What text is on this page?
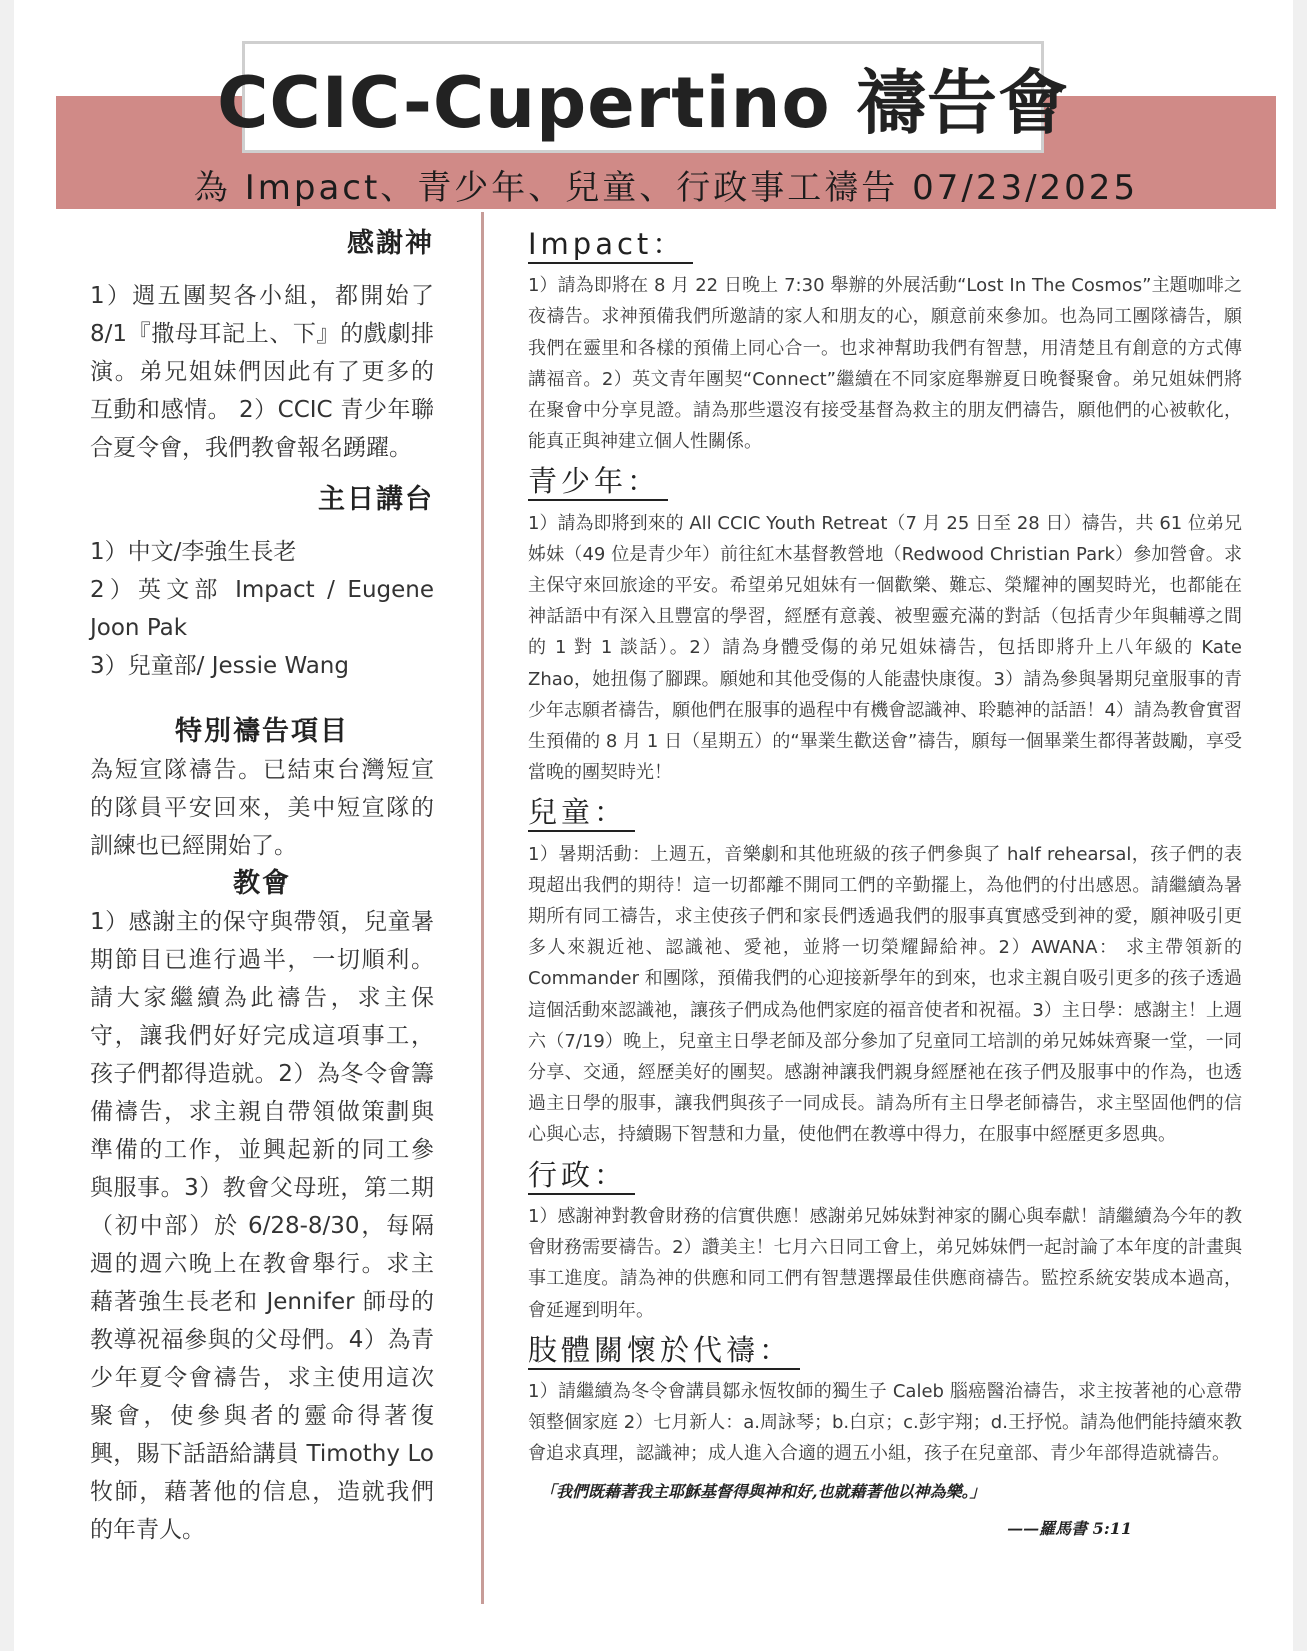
CCIC-Cupertino 禱告會
為 Impact、青少年、兒童、行政事工禱告 07/23/2025
感謝神

1）週五團契各小組，都開始了8/1『撒母耳記上、下』的戲劇排演。弟兄姐妹們因此有了更多的互動和感情。 2）CCIC 青少年聯合夏令會，我們教會報名踴躍。

主日講台

1）中文/李強生長老

2）英文部 Impact / Eugene Joon Pak

3）兒童部/ Jessie Wang

特別禱告項目

為短宣隊禱告。已結束台灣短宣的隊員平安回來，美中短宣隊的訓練也已經開始了。

教會

1）感謝主的保守與帶領，兒童暑期節目已進行過半，一切順利。請大家繼續為此禱告，求主保守，讓我們好好完成這項事工，孩子們都得造就。2）為冬令會籌備禱告，求主親自帶領做策劃與準備的工作，並興起新的同工參與服事。3）教會父母班，第二期（初中部）於 6/28-8/30，每隔週的週六晚上在教會舉行。求主藉著強生長老和 Jennifer 師母的教導祝福參與的父母們。4）為青少年夏令會禱告，求主使用這次聚會，使參與者的靈命得著復興，賜下話語給講員 Timothy Lo 牧師，藉著他的信息，造就我們的年青人。

Impact：

1）請為即將在 8 月 22 日晚上 7:30 舉辦的外展活動“Lost In The Cosmos”主題咖啡之夜禱告。求神預備我們所邀請的家人和朋友的心，願意前來參加。也為同工團隊禱告，願我們在靈里和各樣的預備上同心合一。也求神幫助我們有智慧，用清楚且有創意的方式傳講福音。2）英文青年團契“Connect”繼續在不同家庭舉辦夏日晚餐聚會。弟兄姐妹們將在聚會中分享見證。請為那些還沒有接受基督為救主的朋友們禱告，願他們的心被軟化，能真正與神建立個人性關係。

青少年：

1）請為即將到來的 All CCIC Youth Retreat（7 月 25 日至 28 日）禱告，共 61 位弟兄姊妹（49 位是青少年）前往紅木基督教營地（Redwood Christian Park）參加營會。求主保守來回旅途的平安。希望弟兄姐妹有一個歡樂、難忘、榮耀神的團契時光，也都能在神話語中有深入且豐富的學習，經歷有意義、被聖靈充滿的對話（包括青少年與輔導之間的 1 對 1 談話）。2）請為身體受傷的弟兄姐妹禱告，包括即將升上八年級的 Kate Zhao，她扭傷了腳踝。願她和其他受傷的人能盡快康復。3）請為參與暑期兒童服事的青少年志願者禱告，願他們在服事的過程中有機會認識神、聆聽神的話語！4）請為教會實習生預備的 8 月 1 日（星期五）的“畢業生歡送會”禱告，願每一個畢業生都得著鼓勵，享受當晚的團契時光！

兒童：

1）暑期活動：上週五，音樂劇和其他班級的孩子們參與了 half rehearsal，孩子們的表現超出我們的期待！這一切都離不開同工們的辛勤擺上，為他們的付出感恩。請繼續為暑期所有同工禱告，求主使孩子們和家長們透過我們的服事真實感受到神的愛，願神吸引更多人來親近祂、認識祂、愛祂，並將一切榮耀歸給神。2）AWANA： 求主帶領新的 Commander 和團隊，預備我們的心迎接新學年的到來，也求主親自吸引更多的孩子透過這個活動來認識祂，讓孩子們成為他們家庭的福音使者和祝福。3）主日學：感謝主！上週六（7/19）晚上，兒童主日學老師及部分參加了兒童同工培訓的弟兄姊妹齊聚一堂，一同分享、交通，經歷美好的團契。感謝神讓我們親身經歷祂在孩子們及服事中的作為，也透過主日學的服事，讓我們與孩子一同成長。請為所有主日學老師禱告，求主堅固他們的信心與心志，持續賜下智慧和力量，使他們在教導中得力，在服事中經歷更多恩典。

行政：

1）感謝神對教會財務的信實供應！感謝弟兄姊妹對神家的關心與奉獻！請繼續為今年的教會財務需要禱告。2）讚美主！七月六日同工會上，弟兄姊妹們一起討論了本年度的計畫與事工進度。請為神的供應和同工們有智慧選擇最佳供應商禱告。監控系統安裝成本過高，會延遲到明年。

肢體關懷於代禱：

1）請繼續為冬令會講員鄒永恆牧師的獨生子 Caleb 腦癌醫治禱告，求主按著祂的心意帶領整個家庭 2）七月新人：a.周詠琴；b.白京；c.彭宇翔；d.王抒悦。請為他們能持續來教會追求真理，認識神；成人進入合適的週五小組，孩子在兒童部、青少年部得造就禱告。

「我們既藉著我主耶穌基督得與神和好,也就藉著他以神為樂。」
——羅馬書 5:11
